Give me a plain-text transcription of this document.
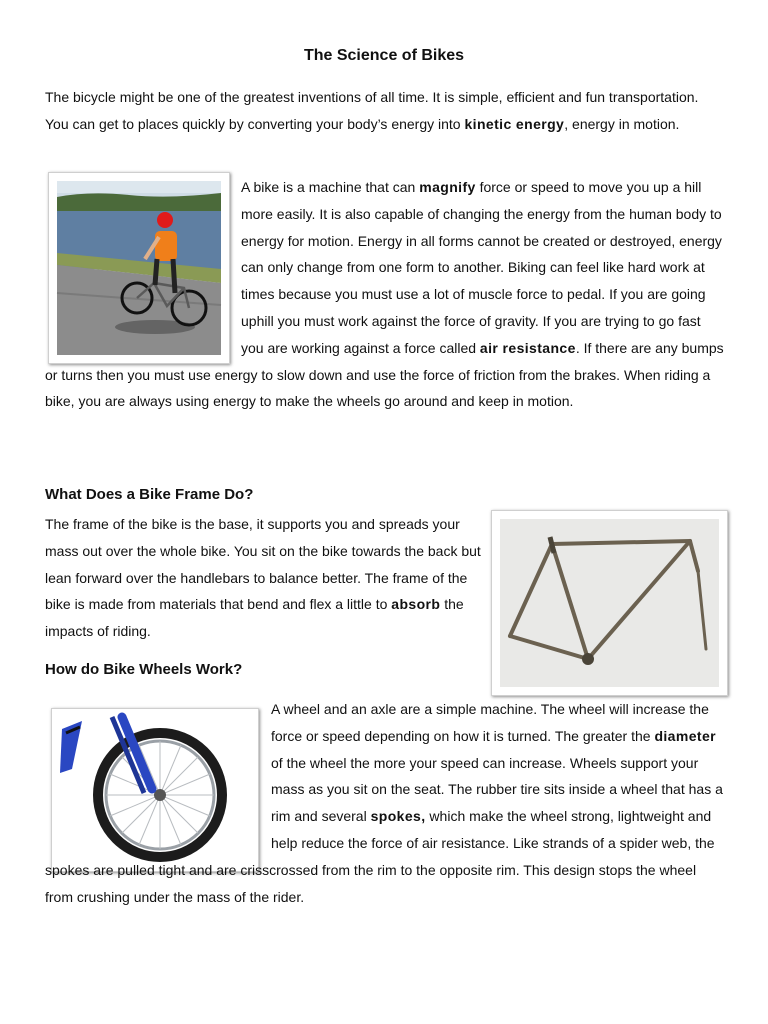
The Science of Bikes

The bicycle might be one of the greatest inventions of all time. It is simple, efficient and fun transportation. You can get to places quickly by converting your body’s energy into kinetic energy, energy in motion.

A bike is a machine that can magnify force or speed to move you up a hill more easily. It is also capable of changing the energy from the human body to energy for motion. Energy in all forms cannot be created or destroyed, energy can only change from one form to another. Biking can feel like hard work at times because you must use a lot of muscle force to pedal. If you are going uphill you must work against the force of gravity. If you are trying to go fast you are working against a force called air resistance. If there are any bumps or turns then you must use energy to slow down and use the force of friction from the brakes. When riding a bike, you are always using energy to make the wheels go around and keep in motion.

What Does a Bike Frame Do?

The frame of the bike is the base, it supports you and spreads your mass out over the whole bike. You sit on the bike towards the back but lean forward over the handlebars to balance better. The frame of the bike is made from materials that bend and flex a little to absorb the impacts of riding.

How do Bike Wheels Work?

A wheel and an axle are a simple machine. The wheel will increase the force or speed depending on how it is turned. The greater the diameter of the wheel the more your speed can increase. Wheels support your mass as you sit on the seat. The rubber tire sits inside a wheel that has a rim and several spokes, which make the wheel strong, lightweight and help reduce the force of air resistance. Like strands of a spider web, the spokes are pulled tight and are crisscrossed from the rim to the opposite rim. This design stops the wheel from crushing under the mass of the rider.
